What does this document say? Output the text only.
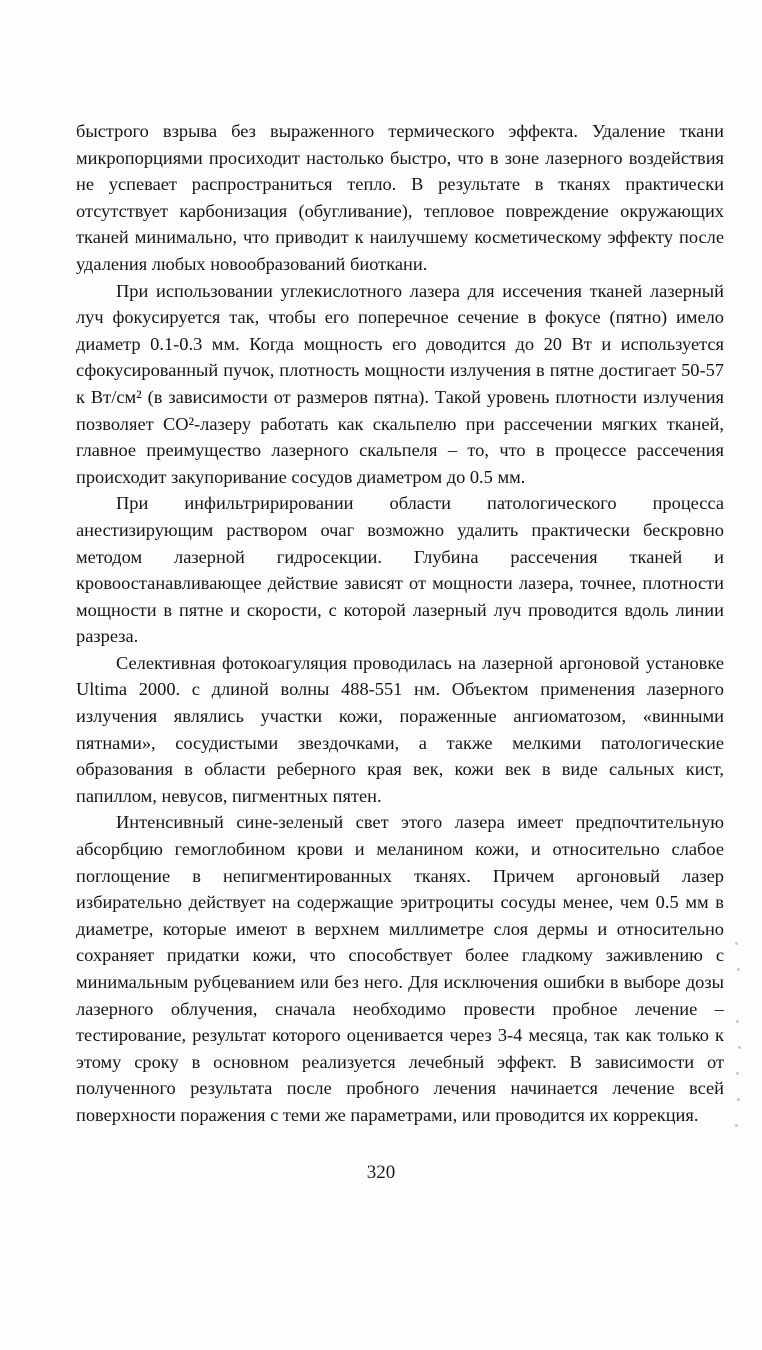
быстрого взрыва без выраженного термического эффекта. Удаление ткани микропорциями просиходит настолько быстро, что в зоне лазерного воздействия не успевает распространиться тепло. В результате в тканях практически отсутствует карбонизация (обугливание), тепловое повреждение окружающих тканей минимально, что приводит к наилучшему косметическому эффекту после удаления любых новообразований биоткани.

При использовании углекислотного лазера для иссечения тканей лазерный луч фокусируется так, чтобы его поперечное сечение в фокусе (пятно) имело диаметр 0.1-0.3 мм. Когда мощность его доводится до 20 Вт и используется сфокусированный пучок, плотность мощности излучения в пятне достигает 50-57 к Вт/см² (в зависимости от размеров пятна). Такой уровень плотности излучения позволяет CO²-лазеру работать как скальпелю при рассечении мягких тканей, главное преимущество лазерного скальпеля – то, что в процессе рассечения происходит закупоривание сосудов диаметром до 0.5 мм.

При инфильтририровании области патологического процесса анестизирующим раствором очаг возможно удалить практически бескровно методом лазерной гидросекции. Глубина рассечения тканей и кровоостанавливающее действие зависят от мощности лазера, точнее, плотности мощности в пятне и скорости, с которой лазерный луч проводится вдоль линии разреза.

Селективная фотокоагуляция проводилась на лазерной аргоновой установке Ultima 2000. с длиной волны 488-551 нм. Объектом применения лазерного излучения являлись участки кожи, пораженные ангиоматозом, «винными пятнами», сосудистыми звездочками, а также мелкими патологические образования в области реберного края век, кожи век в виде сальных кист, папиллом, невусов, пигментных пятен.

Интенсивный сине-зеленый свет этого лазера имеет предпочтительную абсорбцию гемоглобином крови и меланином кожи, и относительно слабое поглощение в непигментированных тканях. Причем аргоновый лазер избирательно действует на содержащие эритроциты сосуды менее, чем 0.5 мм в диаметре, которые имеют в верхнем миллиметре слоя дермы и относительно сохраняет придатки кожи, что способствует более гладкому заживлению с минимальным рубцеванием или без него. Для исключения ошибки в выборе дозы лазерного облучения, сначала необходимо провести пробное лечение – тестирование, результат которого оценивается через 3-4 месяца, так как только к этому сроку в основном реализуется лечебный эффект. В зависимости от полученного результата после пробного лечения начинается лечение всей поверхности поражения с теми же параметрами, или проводится их коррекция.

320
